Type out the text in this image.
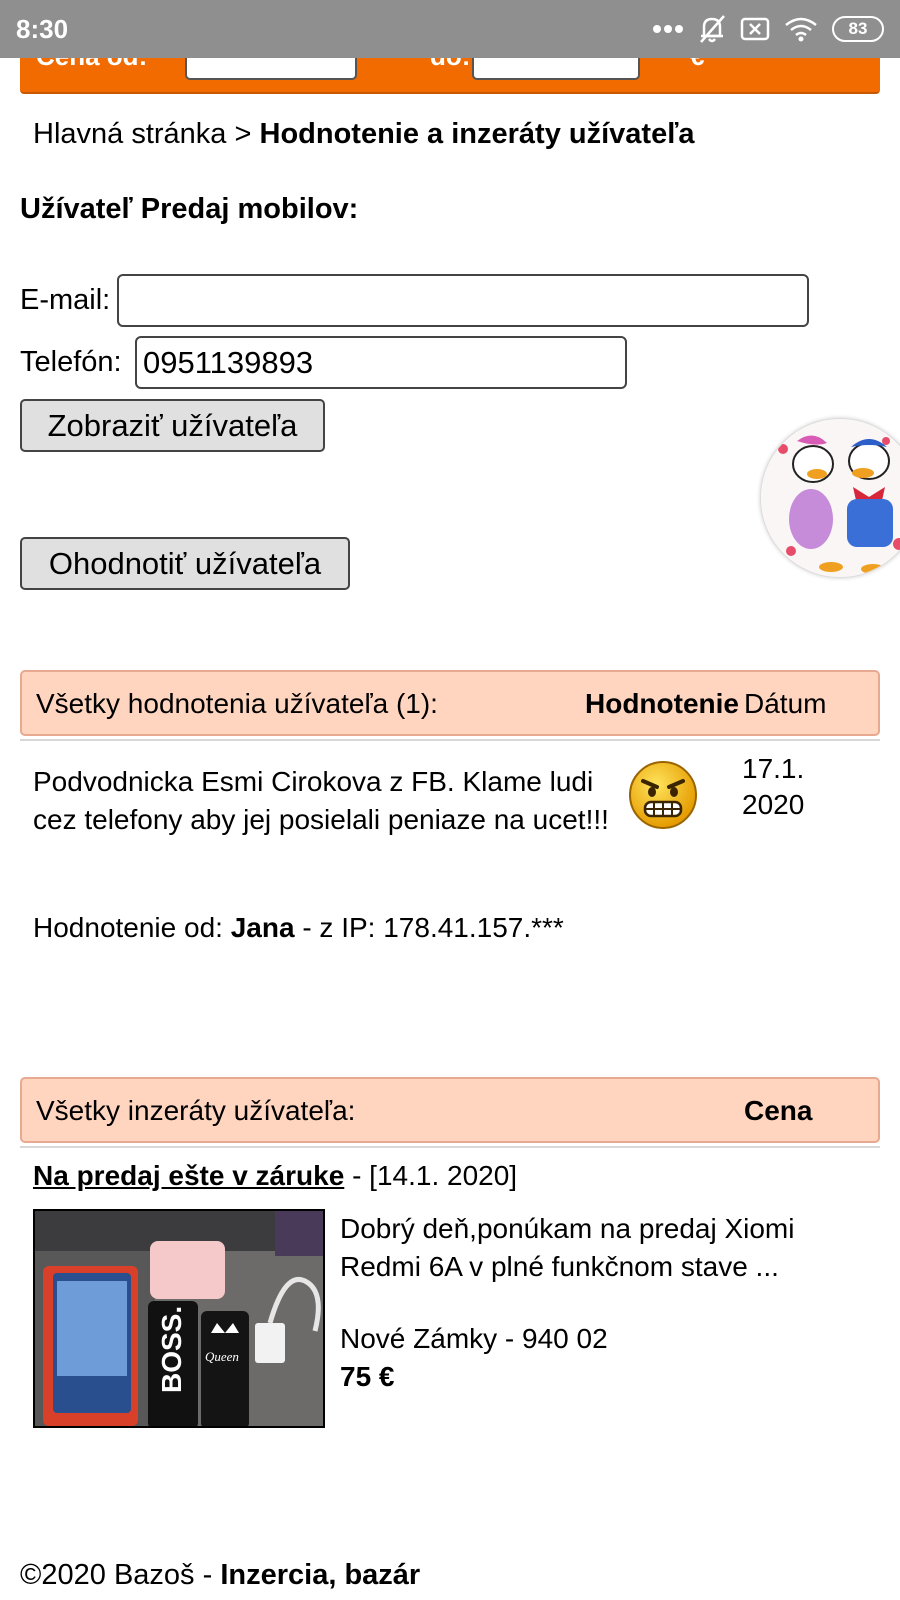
8:30	83
Hlavná stránka > Hodnotenie a inzeráty užívateľa
Užívateľ Predaj mobilov:
E-mail:
Telefón: 0951139893
Zobraziť užívateľa
Ohodnotiť užívateľa
Všetky hodnotenia užívateľa (1):	Hodnotenie Dátum
Podvodnicka Esmi Cirokova z FB. Klame ludi cez telefony aby jej posielali peniaze na ucet!!!
17.1. 2020
Hodnotenie od: Jana - z IP: 178.41.157.***
Všetky inzeráty užívateľa:	Cena
Na predaj ešte v záruke - [14.1. 2020]
BOSS. Queen
Dobrý deň,ponúkam na predaj Xiomi Redmi 6A v plné funkčnom stave ...
Nové Zámky - 940 02
75 €
©2020 Bazoš - Inzercia, bazár
